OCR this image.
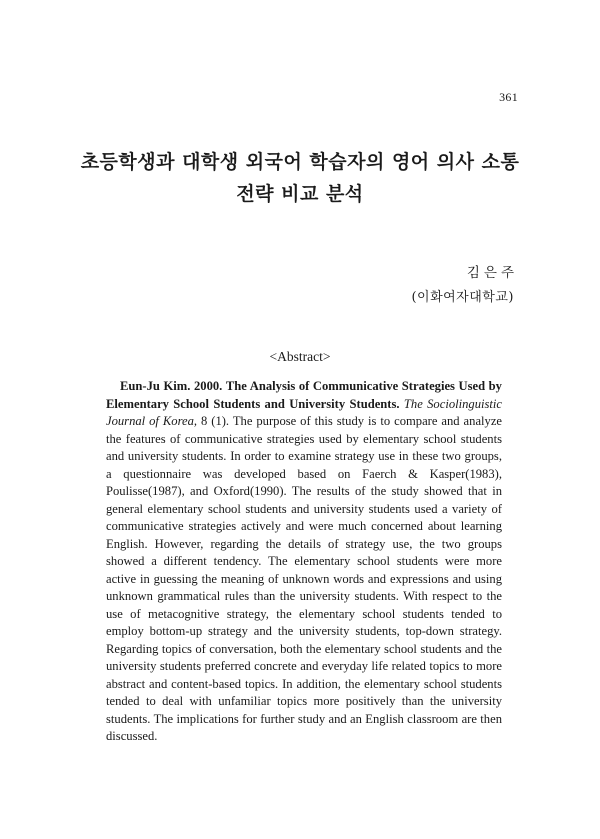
361
초등학생과 대학생 외국어 학습자의 영어 의사 소통
전략 비교 분석
김은주
(이화여자대학교)
<Abstract>
Eun-Ju Kim. 2000. The Analysis of Communicative Strategies Used by Elementary School Students and University Students. The Sociolinguistic Journal of Korea, 8 (1). The purpose of this study is to compare and analyze the features of communicative strategies used by elementary school students and university students. In order to examine strategy use in these two groups, a questionnaire was developed based on Faerch & Kasper(1983), Poulisse(1987), and Oxford(1990). The results of the study showed that in general elementary school students and university students used a variety of communicative strategies actively and were much concerned about learning English. However, regarding the details of strategy use, the two groups showed a different tendency. The elementary school students were more active in guessing the meaning of unknown words and expressions and using unknown grammatical rules than the university students. With respect to the use of metacognitive strategy, the elementary school students tended to employ bottom-up strategy and the university students, top-down strategy. Regarding topics of conversation, both the elementary school students and the university students preferred concrete and everyday life related topics to more abstract and content-based topics. In addition, the elementary school students tended to deal with unfamiliar topics more positively than the university students. The implications for further study and an English classroom are then discussed.
